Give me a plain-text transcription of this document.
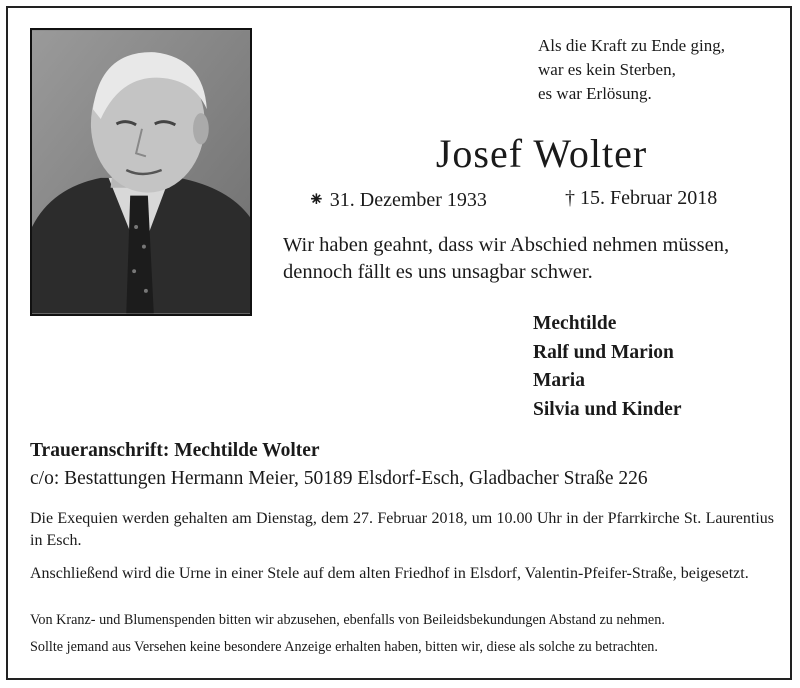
Als die Kraft zu Ende ging,
war es kein Sterben,
es war Erlösung.
Josef Wolter
⁕ 31. Dezember 1933	† 15. Februar 2018
Wir haben geahnt, dass wir Abschied nehmen müssen,
dennoch fällt es uns unsagbar schwer.
Mechtilde
Ralf und Marion
Maria
Silvia und Kinder
Traueranschrift: Mechtilde Wolter
c/o: Bestattungen Hermann Meier, 50189 Elsdorf-Esch, Gladbacher Straße 226
Die Exequien werden gehalten am Dienstag, dem 27. Februar 2018, um 10.00 Uhr in der Pfarrkirche St. Laurentius in Esch.
Anschließend wird die Urne in einer Stele auf dem alten Friedhof in Elsdorf, Valentin-Pfeifer-Straße, beigesetzt.
Von Kranz- und Blumenspenden bitten wir abzusehen, ebenfalls von Beileidsbekundungen Abstand zu nehmen.
Sollte jemand aus Versehen keine besondere Anzeige erhalten haben, bitten wir, diese als solche zu betrachten.
